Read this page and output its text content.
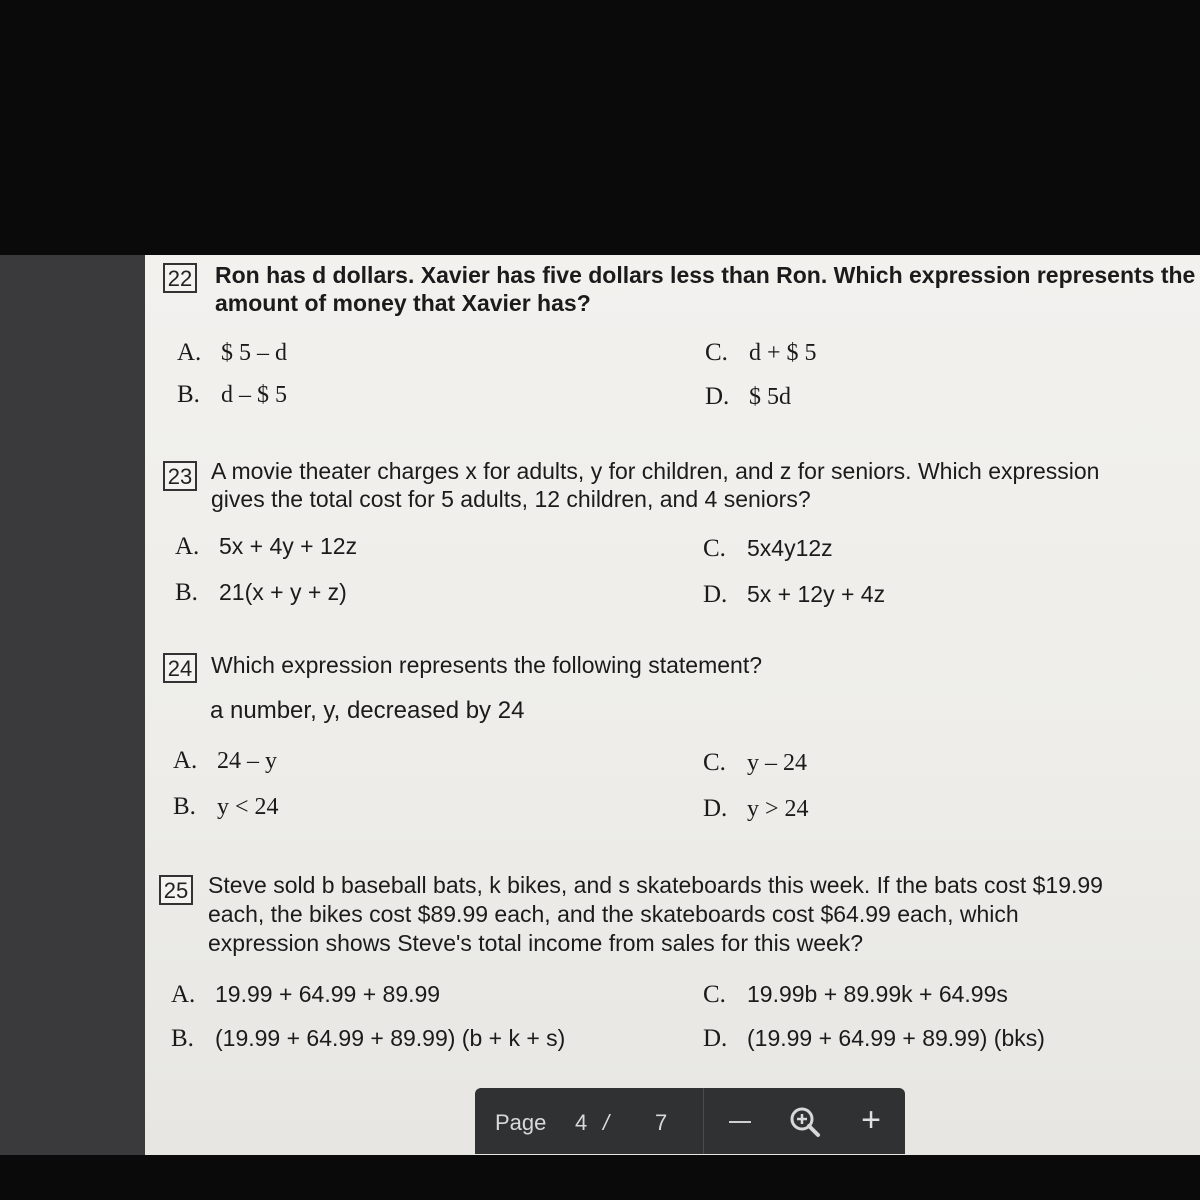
22 Ron has d dollars. Xavier has five dollars less than Ron. Which expression represents the
amount of money that Xavier has?
A. $ 5 – d
B. d – $ 5
C. d + $ 5
D. $ 5d
23 A movie theater charges x for adults, y for children, and z for seniors. Which expression
gives the total cost for 5 adults, 12 children, and 4 seniors?
A. 5x + 4y + 12z
B. 21(x + y + z)
C. 5x4y12z
D. 5x + 12y + 4z
24 Which expression represents the following statement?
a number, y, decreased by 24
A. 24 – y
B. y < 24
C. y – 24
D. y > 24
25 Steve sold b baseball bats, k bikes, and s skateboards this week. If the bats cost $19.99
each, the bikes cost $89.99 each, and the skateboards cost $64.99 each, which
expression shows Steve's total income from sales for this week?
A. 19.99 + 64.99 + 89.99
B. (19.99 + 64.99 + 89.99) (b + k + s)
C. 19.99b + 89.99k + 64.99s
D. (19.99 + 64.99 + 89.99) (bks)
Page 4 / 7	+
